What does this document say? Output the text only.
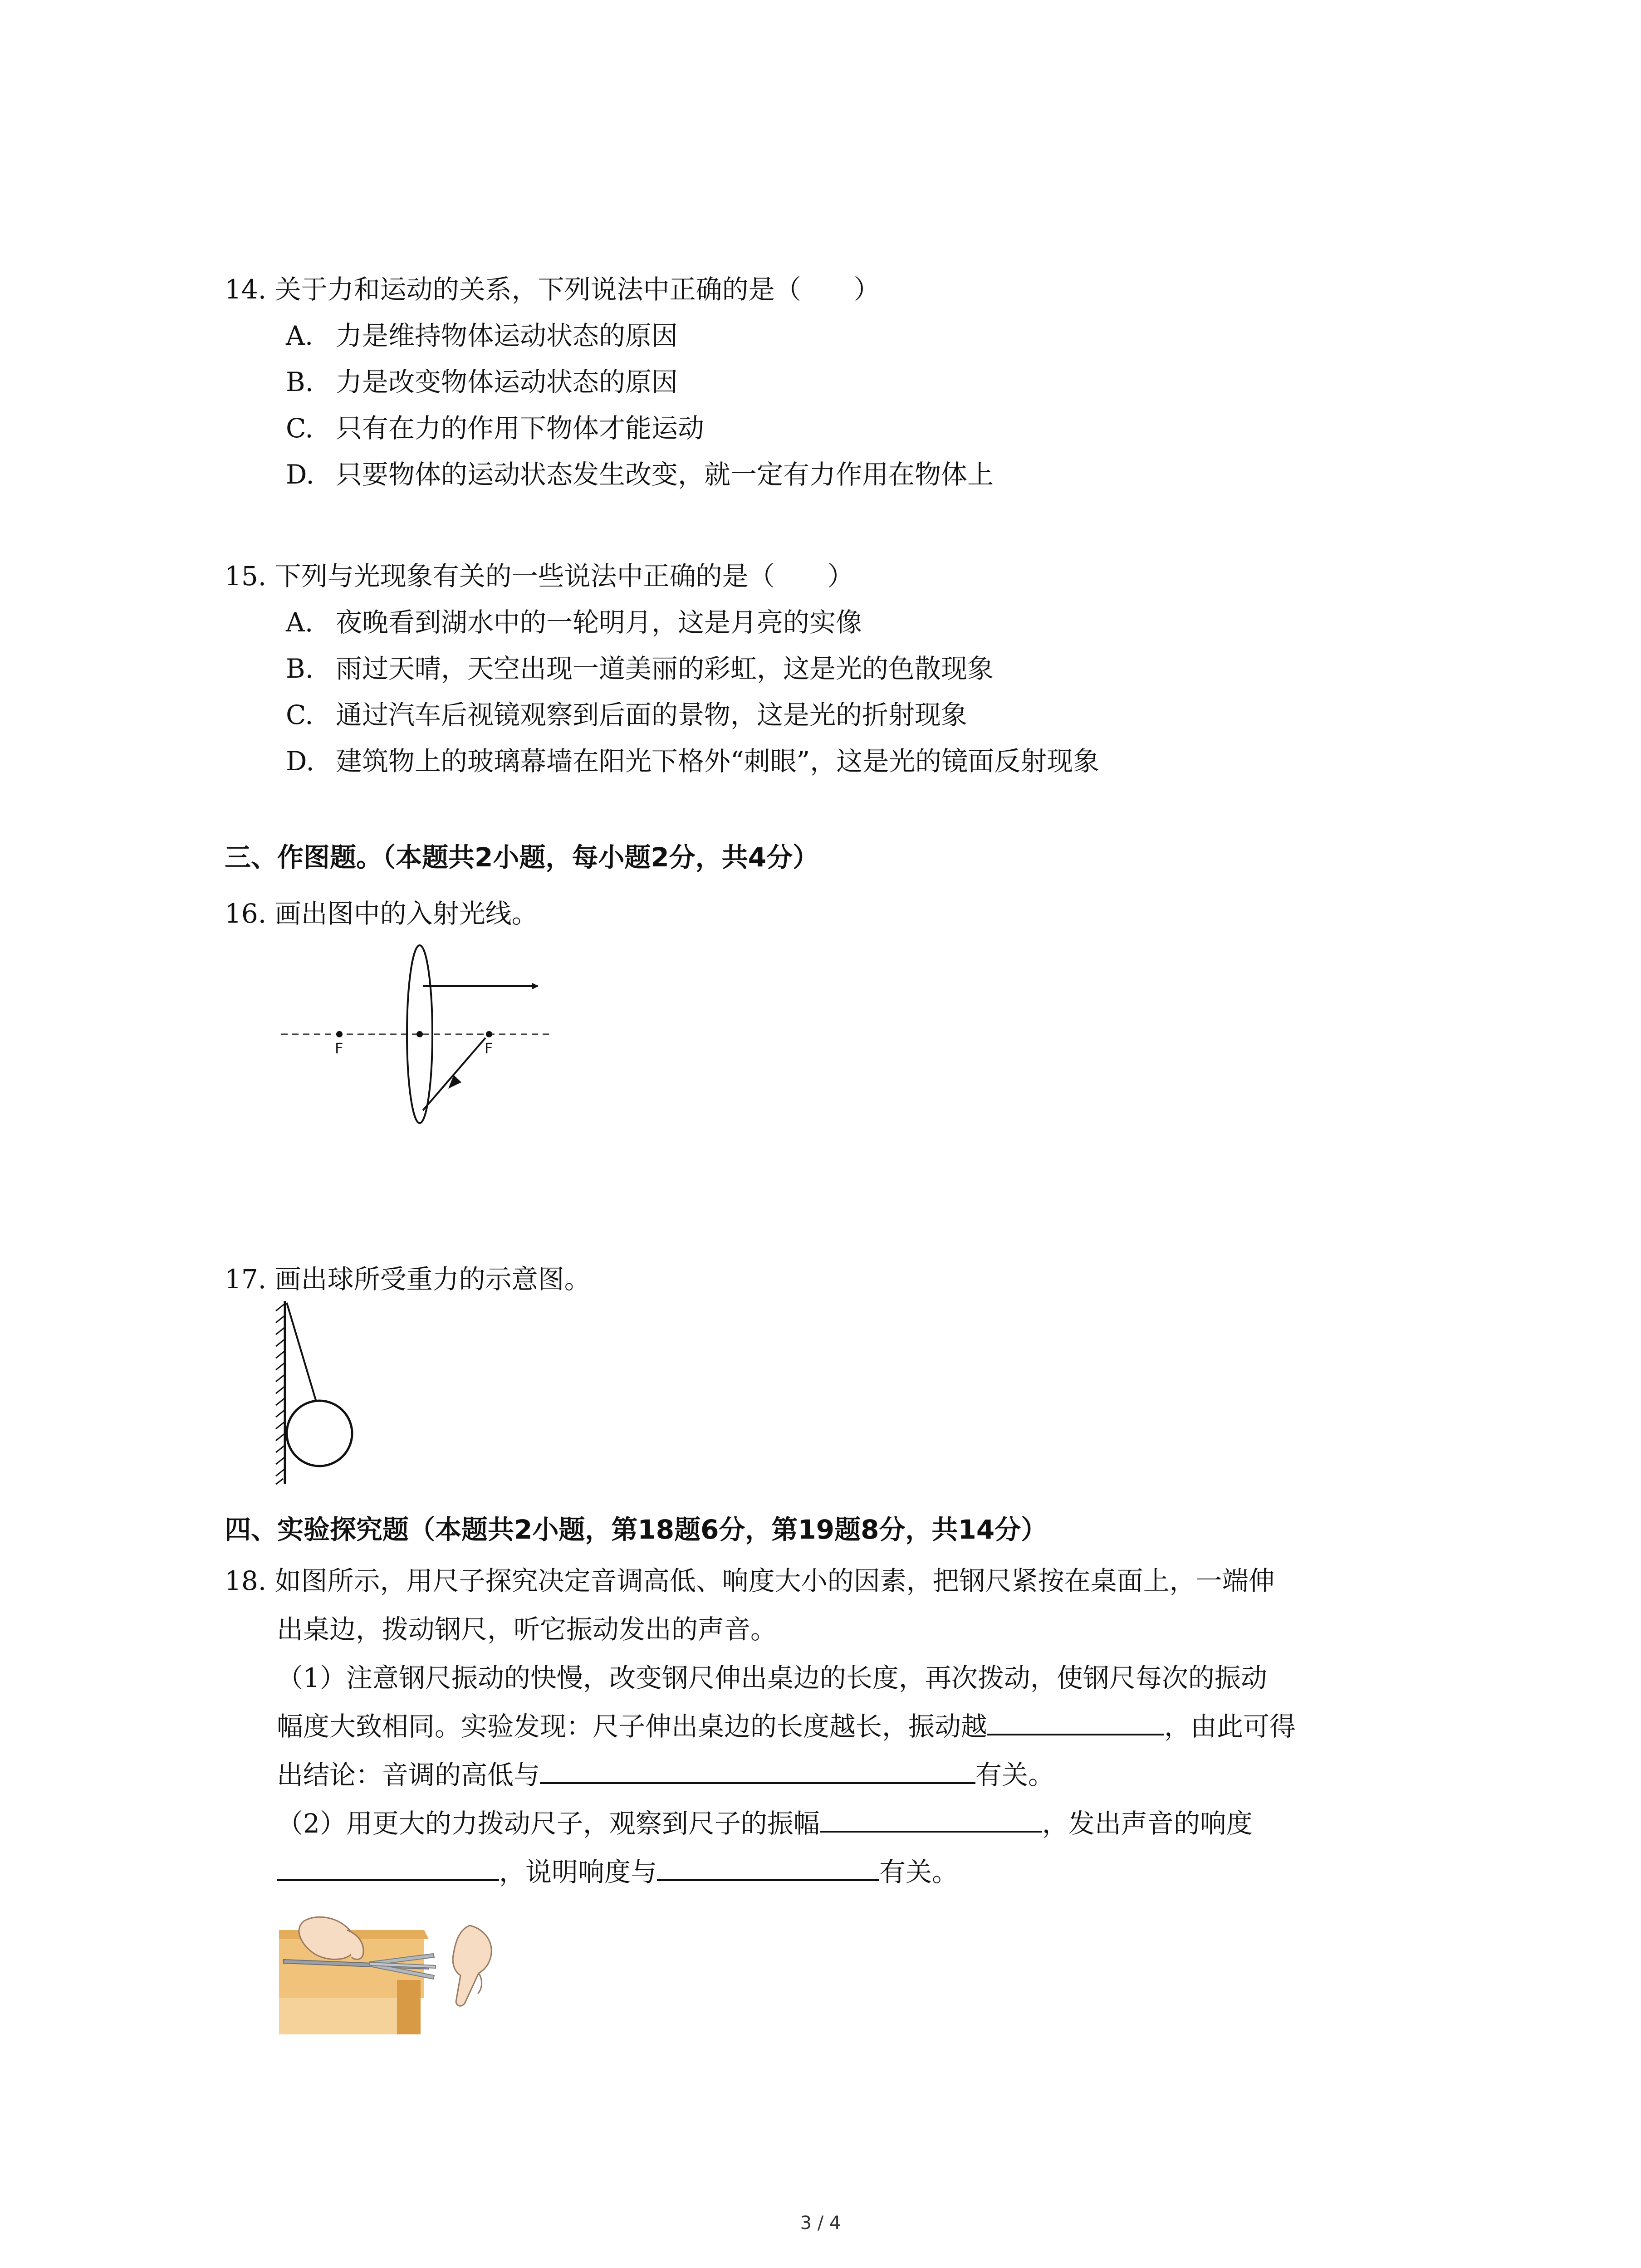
14. 关于力和运动的关系，下列说法中正确的是（　　）
A. 力是维持物体运动状态的原因
B. 力是改变物体运动状态的原因
C. 只有在力的作用下物体才能运动
D. 只要物体的运动状态发生改变，就一定有力作用在物体上
15. 下列与光现象有关的一些说法中正确的是（　　）
A. 夜晚看到湖水中的一轮明月，这是月亮的实像
B. 雨过天晴，天空出现一道美丽的彩虹，这是光的色散现象
C. 通过汽车后视镜观察到后面的景物，这是光的折射现象
D. 建筑物上的玻璃幕墙在阳光下格外“刺眼”，这是光的镜面反射现象
三、作图题。（本题共2小题，每小题2分，共4分）
16. 画出图中的入射光线。
F	F
17. 画出球所受重力的示意图。
四、实验探究题（本题共2小题，第18题6分，第19题8分，共14分）
18. 如图所示，用尺子探究决定音调高低、响度大小的因素，把钢尺紧按在桌面上，一端伸
出桌边，拨动钢尺，听它振动发出的声音。
（1）注意钢尺振动的快慢，改变钢尺伸出桌边的长度，再次拨动，使钢尺每次的振动
幅度大致相同。实验发现：尺子伸出桌边的长度越长，振动越	，由此可得
出结论：音调的高低与	有关。
（2）用更大的力拨动尺子，观察到尺子的振幅	，发出声音的响度
，说明响度与	有关。
3 / 4
